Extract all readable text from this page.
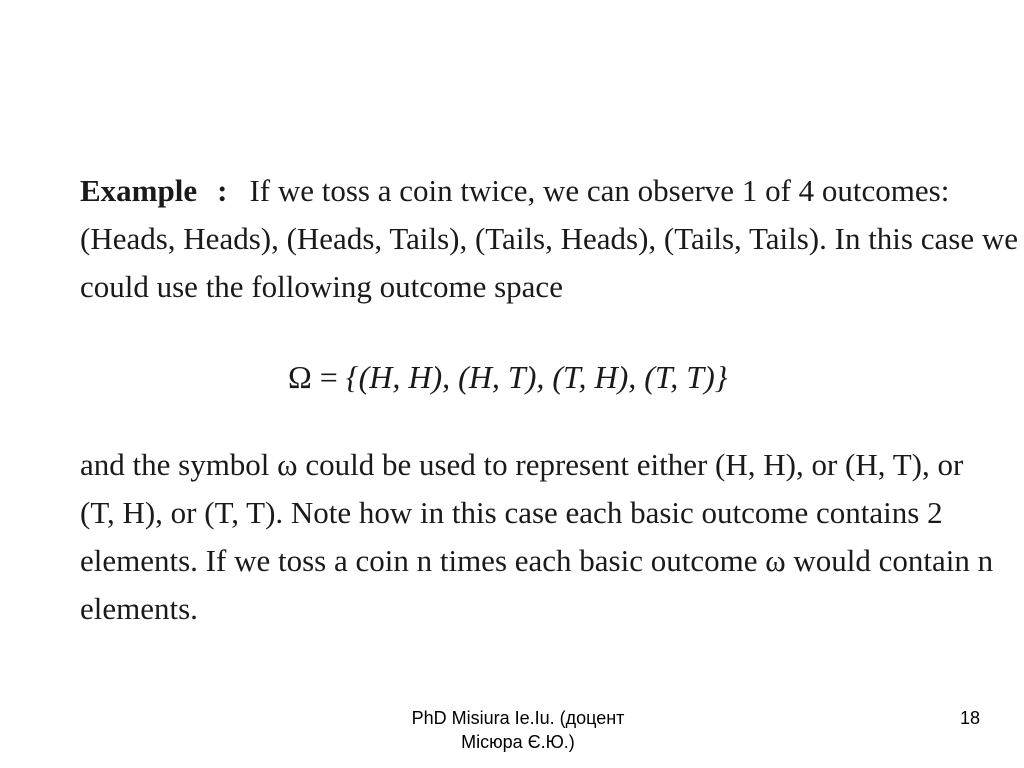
Example : If we toss a coin twice, we can observe 1 of 4 outcomes:
(Heads, Heads), (Heads, Tails), (Tails, Heads), (Tails, Tails). In this case we
could use the following outcome space

Ω = {(H, H), (H, T), (T, H), (T, T)}

and the symbol ω could be used to represent either (H, H), or (H, T), or
(T, H), or (T, T). Note how in this case each basic outcome contains 2
elements. If we toss a coin n times each basic outcome ω would contain n
elements.

PhD Misiura Ie.Iu. (доцент
Місюра Є.Ю.)
18
